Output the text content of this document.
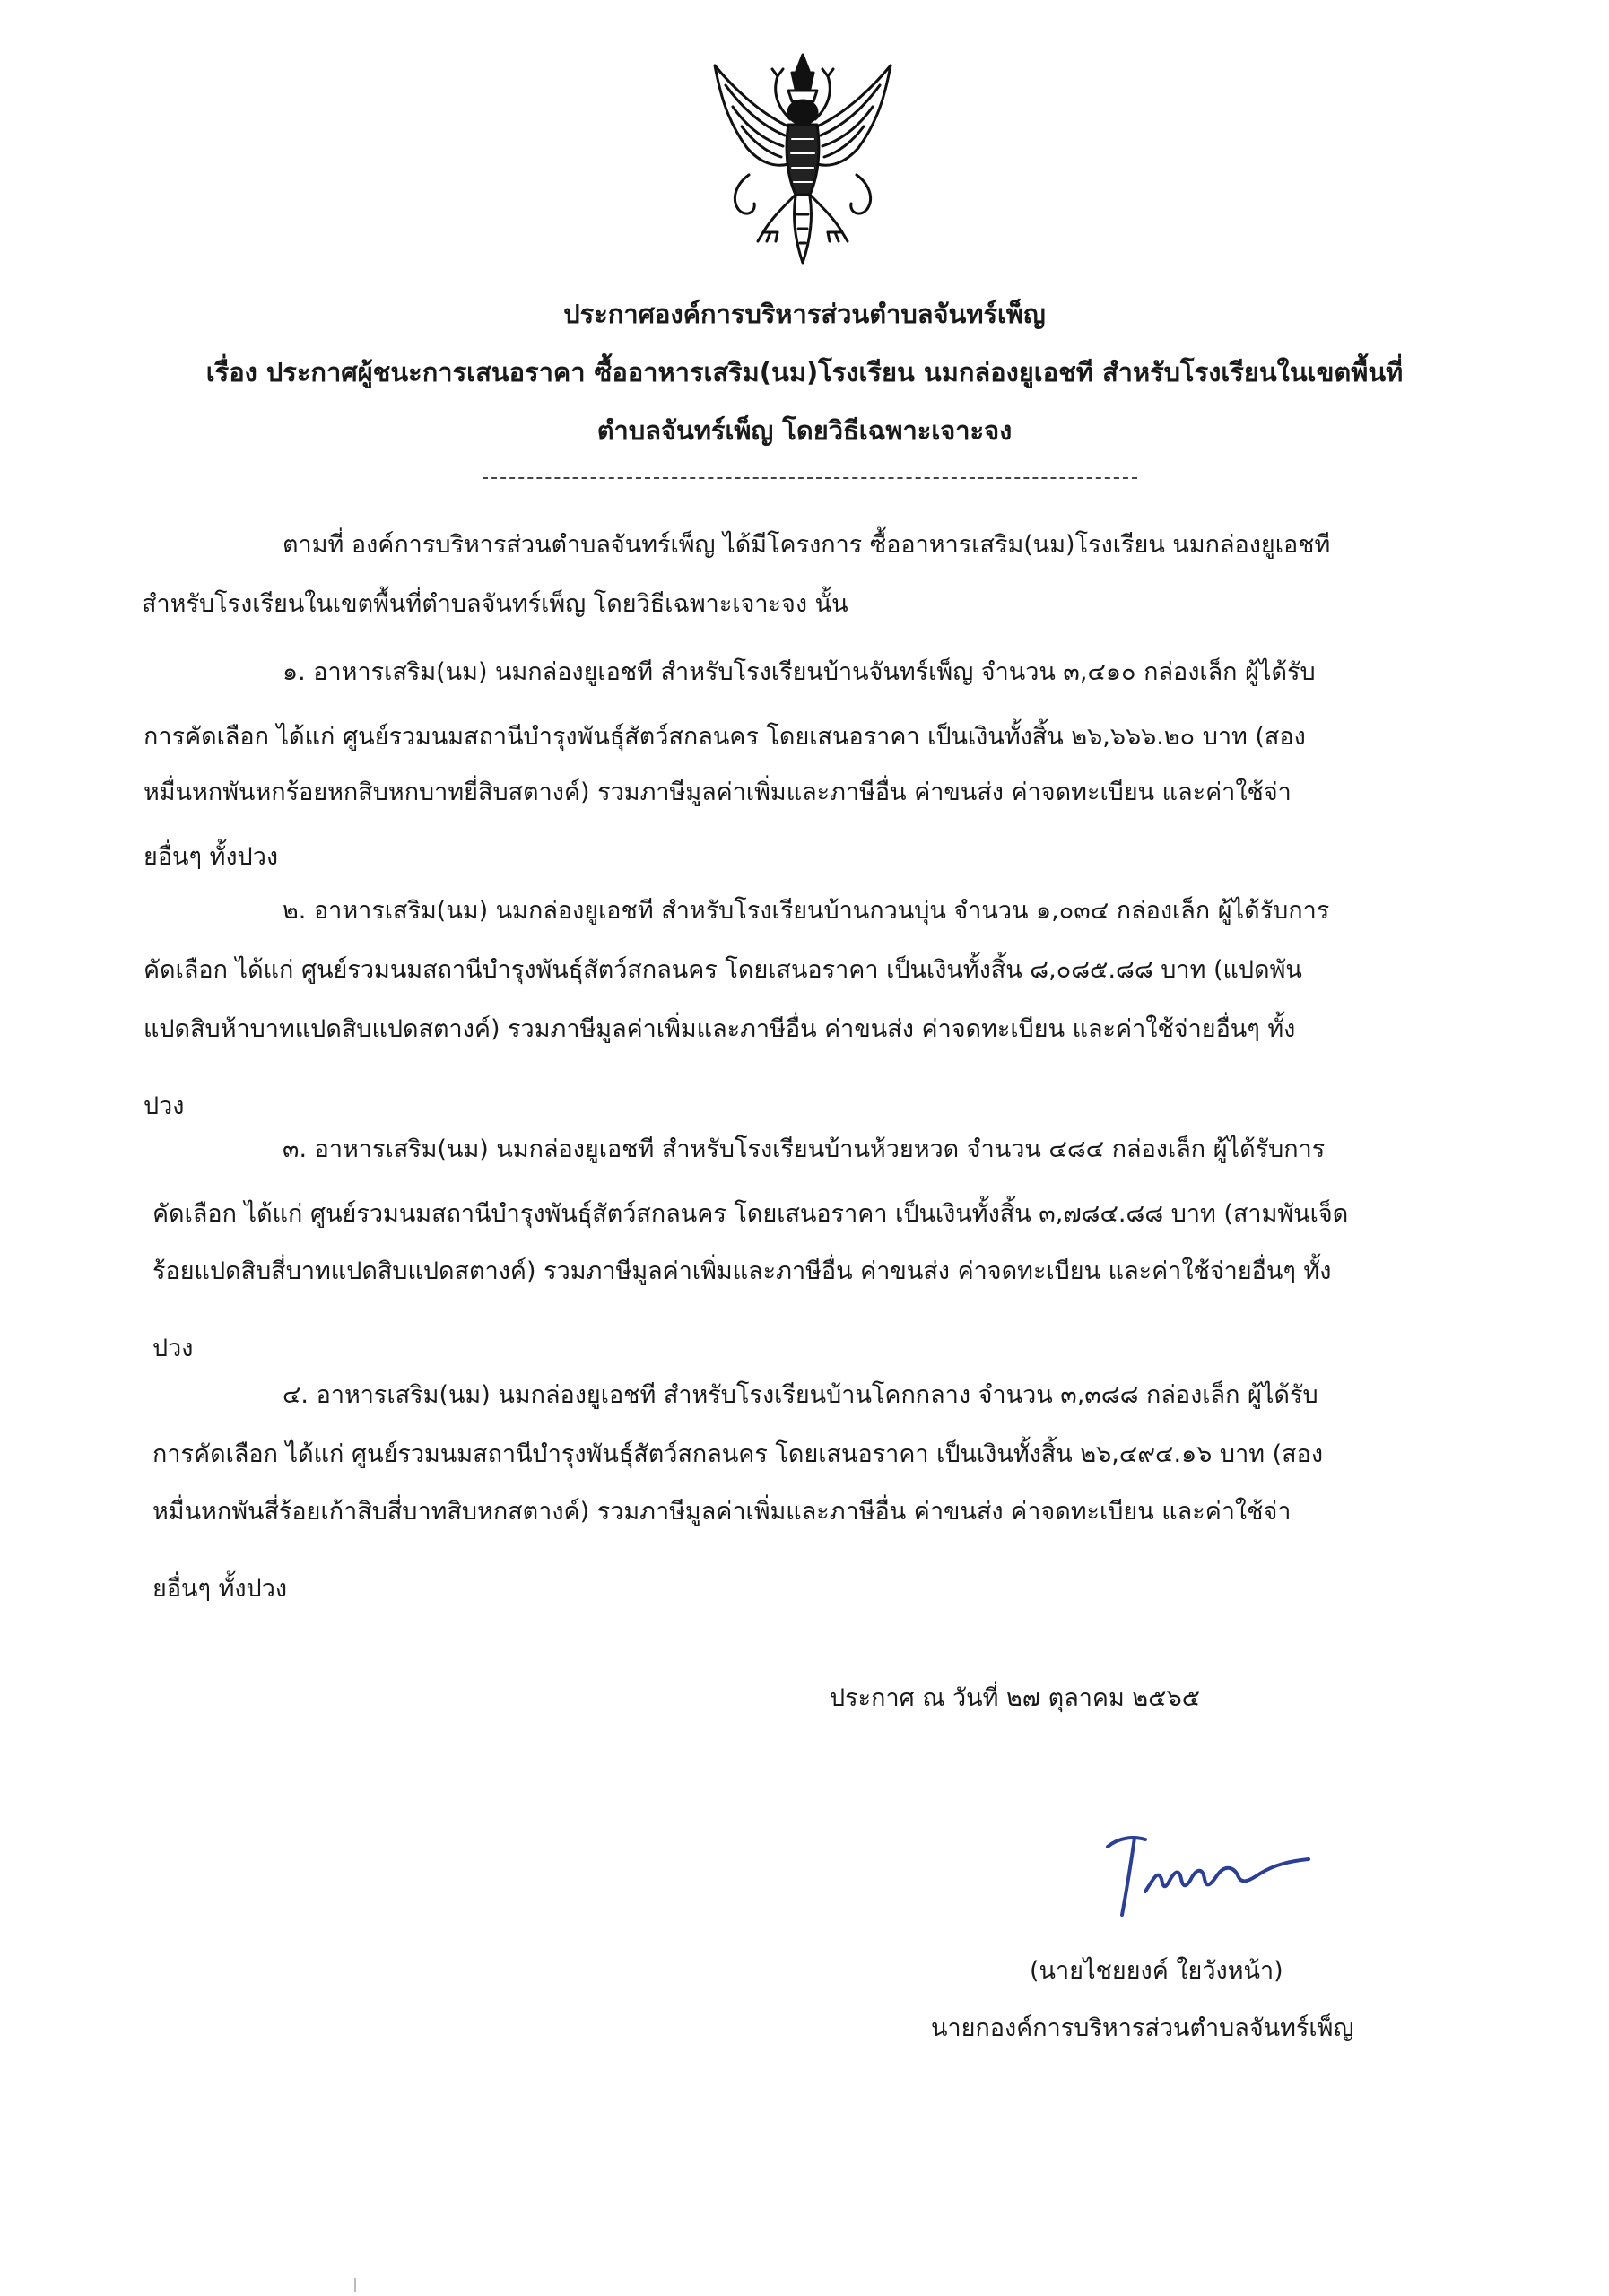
ประกาศองค์การบริหารส่วนตำบลจันทร์เพ็ญ
เรื่อง ประกาศผู้ชนะการเสนอราคา ซื้ออาหารเสริม(นม)โรงเรียน นมกล่องยูเอชที สำหรับโรงเรียนในเขตพื้นที่
ตำบลจันทร์เพ็ญ โดยวิธีเฉพาะเจาะจง
ตามที่ องค์การบริหารส่วนตำบลจันทร์เพ็ญ ได้มีโครงการ ซื้ออาหารเสริม(นม)โรงเรียน นมกล่องยูเอชที
สำหรับโรงเรียนในเขตพื้นที่ตำบลจันทร์เพ็ญ โดยวิธีเฉพาะเจาะจง นั้น
๑. อาหารเสริม(นม) นมกล่องยูเอชที สำหรับโรงเรียนบ้านจันทร์เพ็ญ จำนวน ๓,๔๑๐ กล่องเล็ก ผู้ได้รับ
การคัดเลือก ได้แก่ ศูนย์รวมนมสถานีบำรุงพันธุ์สัตว์สกลนคร โดยเสนอราคา เป็นเงินทั้งสิ้น ๒๖,๖๖๖.๒๐ บาท (สอง
หมื่นหกพันหกร้อยหกสิบหกบาทยี่สิบสตางค์) รวมภาษีมูลค่าเพิ่มและภาษีอื่น ค่าขนส่ง ค่าจดทะเบียน และค่าใช้จ่า
ยอื่นๆ ทั้งปวง
๒. อาหารเสริม(นม) นมกล่องยูเอชที สำหรับโรงเรียนบ้านกวนบุ่น จำนวน ๑,๐๓๔ กล่องเล็ก ผู้ได้รับการ
คัดเลือก ได้แก่ ศูนย์รวมนมสถานีบำรุงพันธุ์สัตว์สกลนคร โดยเสนอราคา เป็นเงินทั้งสิ้น ๘,๐๘๕.๘๘ บาท (แปดพัน
แปดสิบห้าบาทแปดสิบแปดสตางค์) รวมภาษีมูลค่าเพิ่มและภาษีอื่น ค่าขนส่ง ค่าจดทะเบียน และค่าใช้จ่ายอื่นๆ ทั้ง
ปวง
๓. อาหารเสริม(นม) นมกล่องยูเอชที สำหรับโรงเรียนบ้านห้วยหวด จำนวน ๔๘๔ กล่องเล็ก ผู้ได้รับการ
คัดเลือก ได้แก่ ศูนย์รวมนมสถานีบำรุงพันธุ์สัตว์สกลนคร โดยเสนอราคา เป็นเงินทั้งสิ้น ๓,๗๘๔.๘๘ บาท (สามพันเจ็ด
ร้อยแปดสิบสี่บาทแปดสิบแปดสตางค์) รวมภาษีมูลค่าเพิ่มและภาษีอื่น ค่าขนส่ง ค่าจดทะเบียน และค่าใช้จ่ายอื่นๆ ทั้ง
ปวง
๔. อาหารเสริม(นม) นมกล่องยูเอชที สำหรับโรงเรียนบ้านโคกกลาง จำนวน ๓,๓๘๘ กล่องเล็ก ผู้ได้รับ
การคัดเลือก ได้แก่ ศูนย์รวมนมสถานีบำรุงพันธุ์สัตว์สกลนคร โดยเสนอราคา เป็นเงินทั้งสิ้น ๒๖,๔๙๔.๑๖ บาท (สอง
หมื่นหกพันสี่ร้อยเก้าสิบสี่บาทสิบหกสตางค์) รวมภาษีมูลค่าเพิ่มและภาษีอื่น ค่าขนส่ง ค่าจดทะเบียน และค่าใช้จ่า
ยอื่นๆ ทั้งปวง
ประกาศ ณ วันที่ ๒๗ ตุลาคม ๒๕๖๕
(นายไชยยงค์ ใยวังหน้า)
นายกองค์การบริหารส่วนตำบลจันทร์เพ็ญ
